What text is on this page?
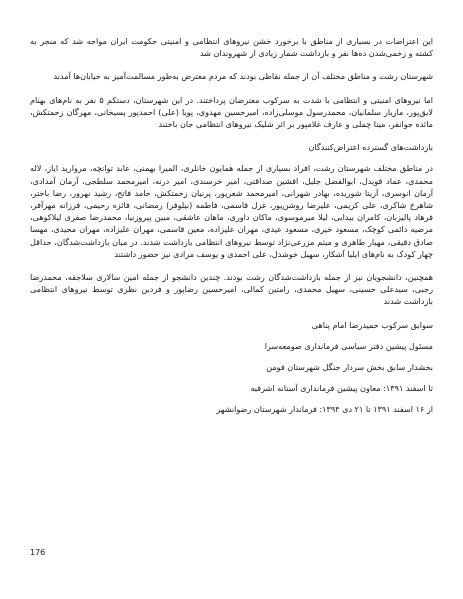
این اعتراضات در بسیاری از مناطق با برخورد خشن نیروهای انتظامی و امنیتی حکومت ایران مواجه شد که منجر به کشته و زخمی‌شدن ده‌ها نفر و بازداشت شمار زیادی از شهروندان شد

شهرستان رشت و مناطق مختلف آن از جمله نقاطی بودند که مردم معترض به‌طور مسالمت‌آمیز به خیابان‌ها آمدند

اما نیروهای امنیتی و انتظامی با شدت به سرکوب معترضان پرداختند. در این شهرستان، دستکم ۵ نفر به نام‌های بهنام لایق‌پور، مازیار سلمانیان، محمدرسول موسلی‌زاده، امیرحسین مهدوی، پویا (علی) احمدپور پسیخانی، مهرگان زحمتکش، مائده جوانفر، مینا چملی و عارف غلامپور بر اثر شلیک نیروهای انتظامی جان باختند

بازداشت‌های گسترده اعتراض‌کنندگان

در مناطق مختلف شهرستان رشت، افراد بسیاری از جمله همایون خانلری، الميرا بهمنی، عابد توانچه، مروارید ایاز، لاله محمدی، عماد قویدل، ابوالفضل جلیل، افشین صداقتی، امیر خرسندی، امیر درنه، امیرمحمد سلطجی، آرمان آمدادی، آرمان انوسری، آزیتا شوریده، بهادر شهرانی، امیرمحمد شعرپور، پرنیان زحمتکش، حامد فاتح، رشید نهرور، رضا باختر، شاهرخ شاکری، علی کریمی، علیرضا روشن‌پور، غزل قاسمی، فاطمه (نیلوفر) رمضانی، فائزه رحیمی، فرزانه مهرآفر، فرهاد پالیزبان، کامران بیدایی، لیلا میرموسوی، ماکان داوری، ماهان عاشقی، مبین پیروزنیا، محمدرضا صفری لیلاکوهی، مرضیه دائمی کوچک، مسعود خیری، مسعود عیدی، مهران علیزاده، معین قاسمی، مهران علیزاده، مهران مجیدی، مهسا صادق دقیقی، مهیار طاهری و میثم مزرعی‌نژاد توسط نیروهای انتظامی بازداشت شدند. در میان بازداشت‌شدگان، حداقل چهار کودک به نام‌های ایلیا آشکار، سهیل خوشدل، علی احمدی و یوسف مرادی نیز حضور داشتند

همچنین، دانشجویان نیز از جمله بازداشت‌شدگان رشت بودند. چندین دانشجو از جمله امین سالاری سلاجقه، محمدرضا رجبی، سیدعلی حسینی، سهیل محمدی، رامتین کمالی، امیرحسین رضاپور و فردین نظری توسط نیروهای انتظامی بازداشت شدند

سوابق سرکوب حمیدرضا امام پناهی

مسئول پیشین دفتر سیاسی فرمانداری صومعه‌سرا

بخشدار سابق بخش سردار جنگل شهرستان فومن

تا اسفند ۱۳۹۱: معاون پیشین فرمانداری آستانه اشرفیه

از ۱۶ اسفند ۱۳۹۱ تا ۲۱ دی ۱۳۹۴: فرماندار شهرستان رضوانشهر

176
